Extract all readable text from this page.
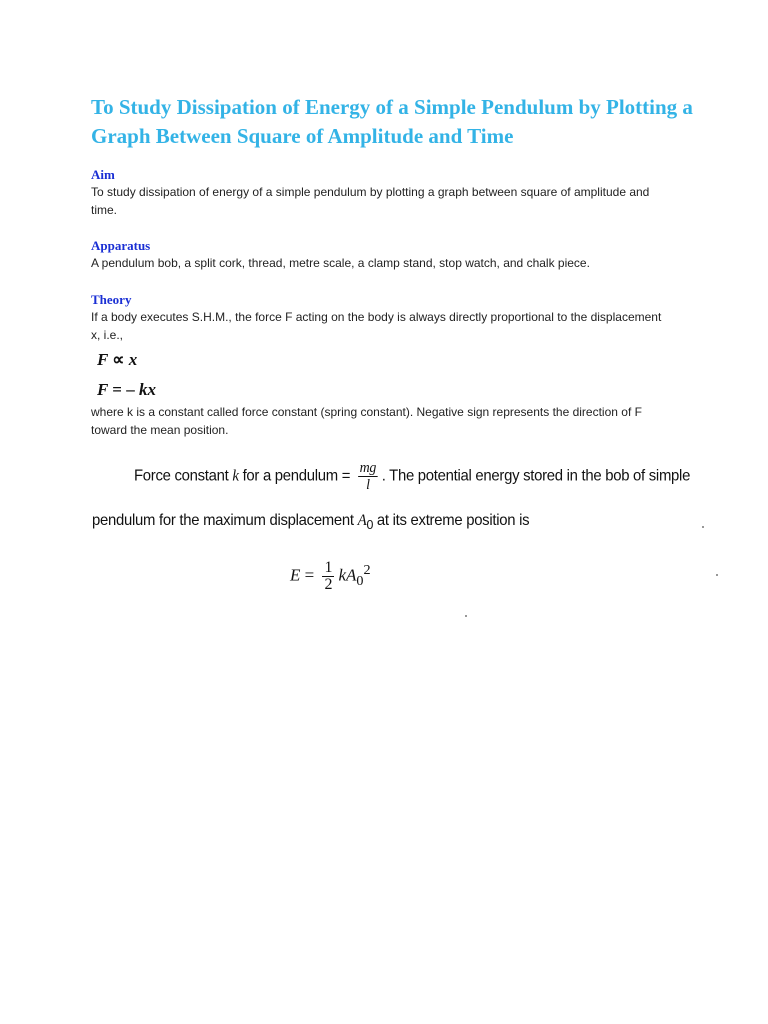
To Study Dissipation of Energy of a Simple Pendulum by Plotting a Graph Between Square of Amplitude and Time
Aim

To study dissipation of energy of a simple pendulum by plotting a graph between square of amplitude and time.

Apparatus

A pendulum bob, a split cork, thread, metre scale, a clamp stand, stop watch, and chalk piece.

Theory

If a body executes S.H.M., the force F acting on the body is always directly proportional to the displacement x, i.e.,

F ∝ x

F = – kx

where k is a constant called force constant (spring constant). Negative sign represents the direction of F toward the mean position.

Force constant k for a pendulum = $\frac{mg}{l}$ . The potential energy stored in the bob of simple
pendulum for the maximum displacement $A_0$ at its extreme position is
$E = \frac{1}{2} kA_0^2$
